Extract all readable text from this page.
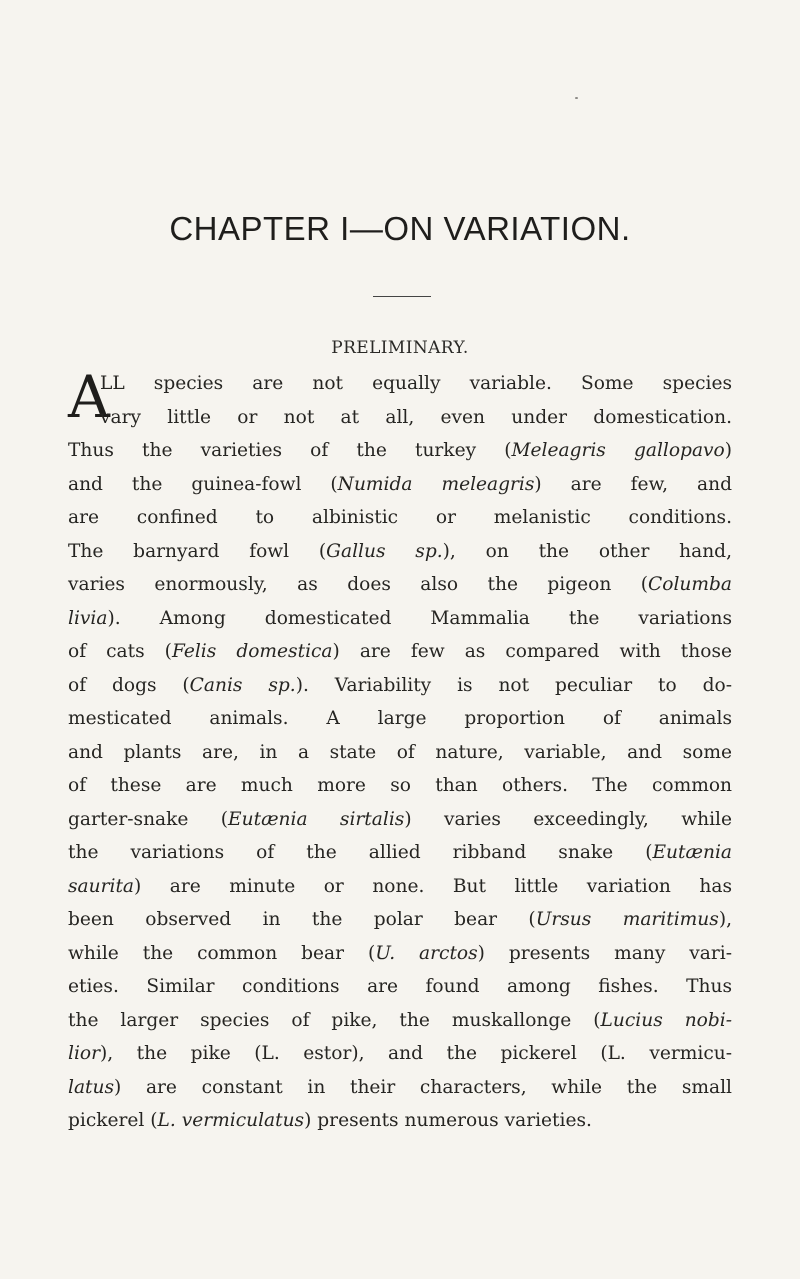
CHAPTER I—ON VARIATION.
PRELIMINARY.
A
LL species are not equally variable. Some species
vary little or not at all, even under domestication.
Thus the varieties of the turkey (Meleagris gallopavo)
and the guinea-fowl (Numida meleagris) are few, and
are confined to albinistic or melanistic conditions.
The barnyard fowl (Gallus sp.), on the other hand,
varies enormously, as does also the pigeon (Columba
livia). Among domesticated Mammalia the variations
of cats (Felis domestica) are few as compared with those
of dogs (Canis sp.). Variability is not peculiar to do-
mesticated animals. A large proportion of animals
and plants are, in a state of nature, variable, and some
of these are much more so than others. The common
garter-snake (Eutænia sirtalis) varies exceedingly, while
the variations of the allied ribband snake (Eutænia
saurita) are minute or none. But little variation has
been observed in the polar bear (Ursus maritimus),
while the common bear (U. arctos) presents many vari-
eties. Similar conditions are found among fishes. Thus
the larger species of pike, the muskallonge (Lucius nobi-
lior), the pike (L. estor), and the pickerel (L. vermicu-
latus) are constant in their characters, while the small
pickerel (L. vermiculatus) presents numerous varieties.
